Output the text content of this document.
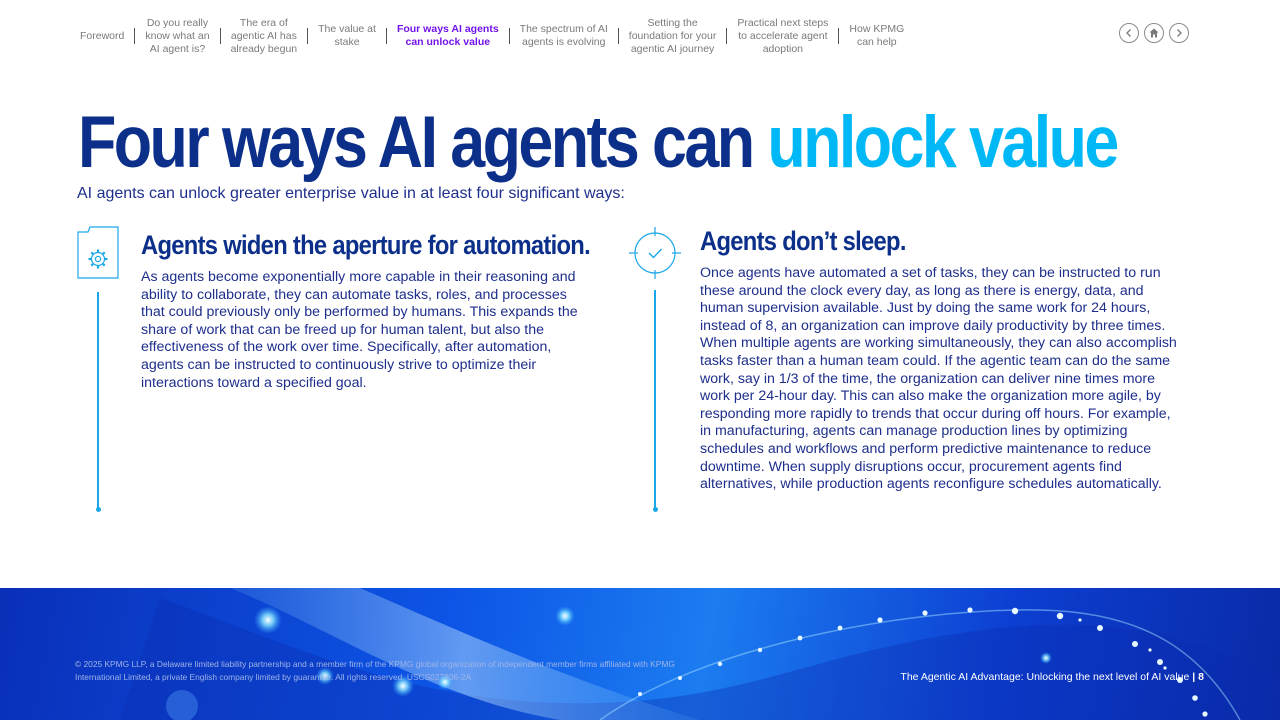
Foreword
Do you really
know what an
AI agent is?
The era of
agentic AI has
already begun
The value at
stake
Four ways AI agents
can unlock value
The spectrum of AI
agents is evolving
Setting the
foundation for your
agentic AI journey
Practical next steps
to accelerate agent
adoption
How KPMG
can help
Four ways AI agents can unlock value

AI agents can unlock greater enterprise value in at least four significant ways:

Agents widen the aperture for automation.

As agents become exponentially more capable in their reasoning and ability to collaborate, they can automate tasks, roles, and processes that could previously only be performed by humans. This expands the share of work that can be freed up for human talent, but also the effectiveness of the work over time. Specifically, after automation, agents can be instructed to continuously strive to optimize their interactions toward a specified goal.

Agents don’t sleep.

Once agents have automated a set of tasks, they can be instructed to run these around the clock every day, as long as there is energy, data, and human supervision available. Just by doing the same work for 24 hours, instead of 8, an organization can improve daily productivity by three times. When multiple agents are working simultaneously, they can also accomplish tasks faster than a human team could. If the agentic team can do the same work, say in 1/3 of the time, the organization can deliver nine times more work per 24-hour day. This can also make the organization more agile, by responding more rapidly to trends that occur during off hours. For example, in manufacturing, agents can manage production lines by optimizing schedules and workflows and perform predictive maintenance to reduce downtime. When supply disruptions occur, procurement agents find alternatives, while production agents reconfigure schedules automatically.

© 2025 KPMG LLP, a Delaware limited liability partnership and a member firm of the KPMG global organization of independent member firms affiliated with KPMG International Limited, a private English company limited by guarantee. All rights reserved. USCS027806-2A	The Agentic AI Advantage: Unlocking the next level of AI value | 8
